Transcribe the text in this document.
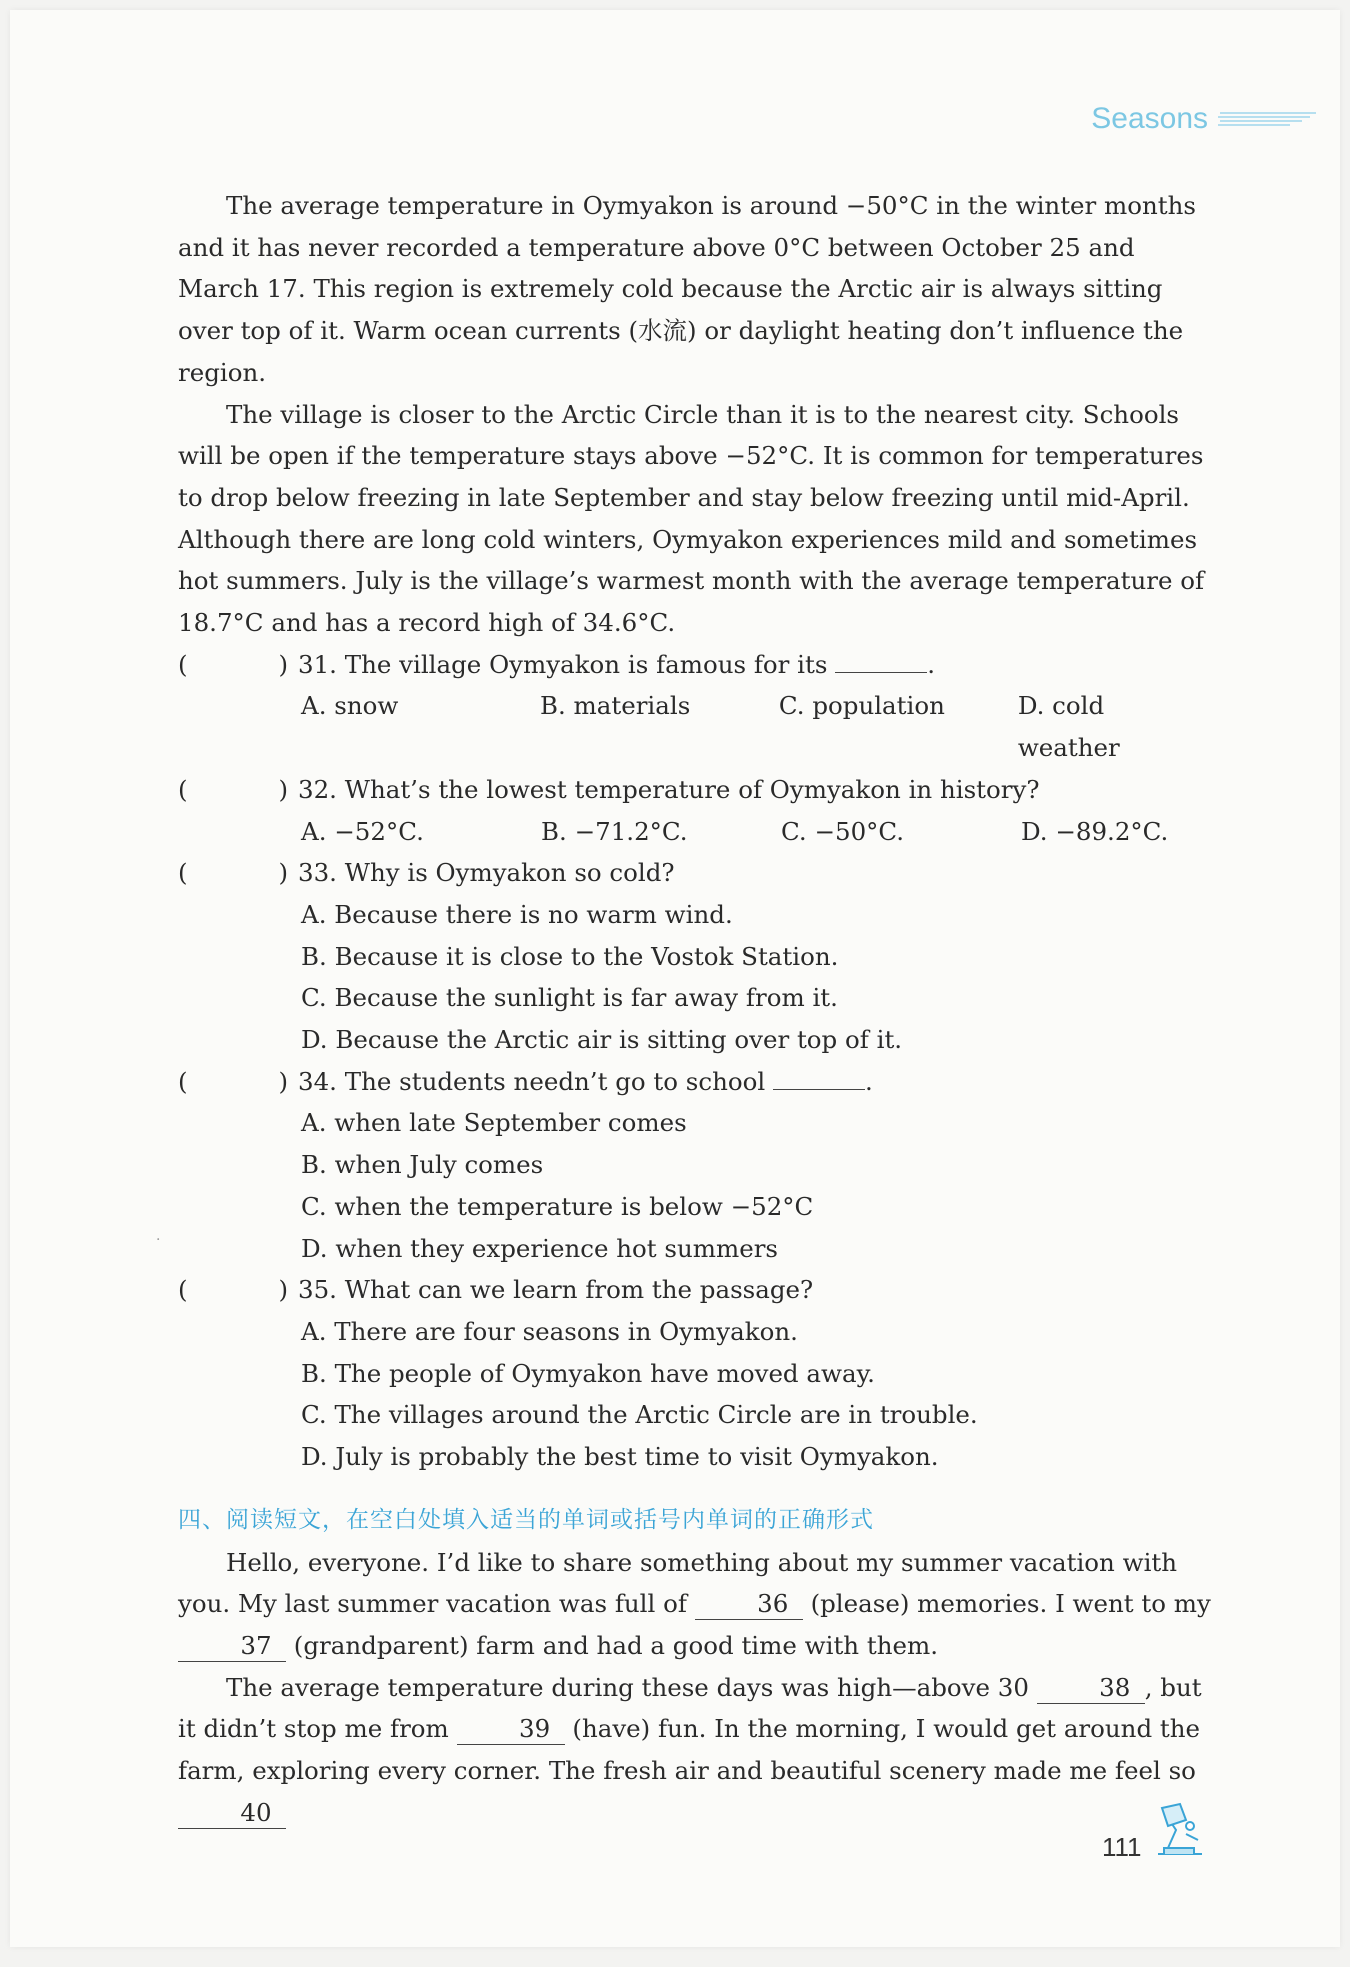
Seasons

The average temperature in Oymyakon is around −50°C in the winter months and it has never recorded a temperature above 0°C between October 25 and March 17. This region is extremely cold because the Arctic air is always sitting over top of it. Warm ocean currents (水流) or daylight heating don’t influence the region.

The village is closer to the Arctic Circle than it is to the nearest city. Schools will be open if the temperature stays above −52°C. It is common for temperatures to drop below freezing in late September and stay below freezing until mid-April. Although there are long cold winters, Oymyakon experiences mild and sometimes hot summers. July is the village’s warmest month with the average temperature of 18.7°C and has a record high of 34.6°C.

(	) 31. The village Oymyakon is famous for its	.
A. snow	B. materials	C. population	D. cold weather
(	) 32. What’s the lowest temperature of Oymyakon in history?
A. −52°C.	B. −71.2°C.	C. −50°C.	D. −89.2°C.
(	) 33. Why is Oymyakon so cold?
A. Because there is no warm wind.
B. Because it is close to the Vostok Station.
C. Because the sunlight is far away from it.
D. Because the Arctic air is sitting over top of it.
(	) 34. The students needn’t go to school	.
A. when late September comes
B. when July comes
C. when the temperature is below −52°C
D. when they experience hot summers
(	) 35. What can we learn from the passage?
A. There are four seasons in Oymyakon.
B. The people of Oymyakon have moved away.
C. The villages around the Arctic Circle are in trouble.
D. July is probably the best time to visit Oymyakon.
四、阅读短文，在空白处填入适当的单词或括号内单词的正确形式

Hello, everyone. I’d like to share something about my summer vacation with you. My last summer vacation was full of	36 (please) memories. I went to my 37 (grandparent) farm and had a good time with them.

The average temperature during these days was high—above 30	38 , but it didn’t stop me from	39 (have) fun. In the morning, I would get around the farm, exploring every corner. The fresh air and beautiful scenery made me feel so 40

·
111
